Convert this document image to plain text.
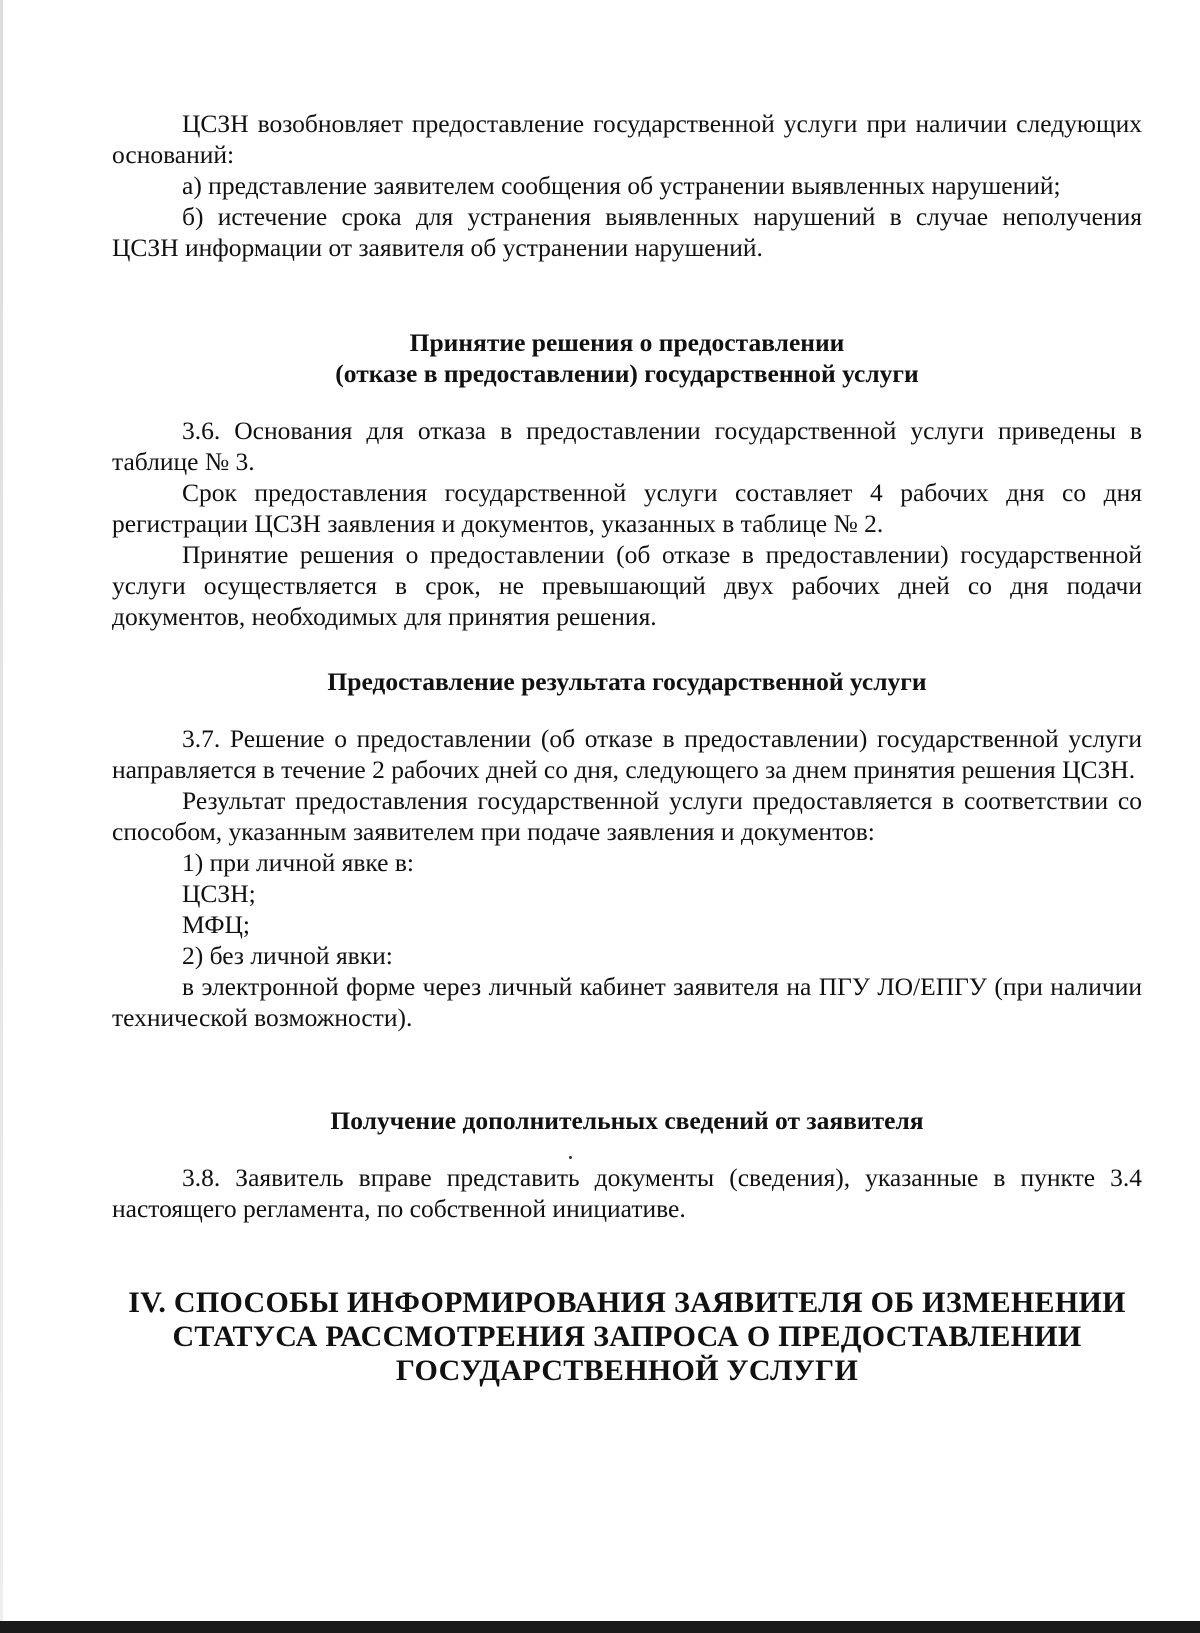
ЦСЗН возобновляет предоставление государственной услуги при наличии следующих оснований:

а) представление заявителем сообщения об устранении выявленных нарушений;

б) истечение срока для устранения выявленных нарушений в случае неполучения ЦСЗН информации от заявителя об устранении нарушений.

Принятие решения о предоставлении

(отказе в предоставлении) государственной услуги

3.6. Основания для отказа в предоставлении государственной услуги приведены в таблице № 3.

Срок предоставления государственной услуги составляет 4 рабочих дня со дня регистрации ЦСЗН заявления и документов, указанных в таблице № 2.

Принятие решения о предоставлении (об отказе в предоставлении) государственной услуги осуществляется в срок, не превышающий двух рабочих дней со дня подачи документов, необходимых для принятия решения.

Предоставление результата государственной услуги

3.7. Решение о предоставлении (об отказе в предоставлении) государственной услуги направляется в течение 2 рабочих дней со дня, следующего за днем принятия решения ЦСЗН.

Результат предоставления государственной услуги предоставляется в соответствии со способом, указанным заявителем при подаче заявления и документов:

1) при личной явке в:

ЦСЗН;

МФЦ;

2) без личной явки:

в электронной форме через личный кабинет заявителя на ПГУ ЛО/ЕПГУ (при наличии технической возможности).

Получение дополнительных сведений от заявителя

3.8. Заявитель вправе представить документы (сведения), указанные в пункте 3.4 настоящего регламента, по собственной инициативе.

IV. СПОСОБЫ ИНФОРМИРОВАНИЯ ЗАЯВИТЕЛЯ ОБ ИЗМЕНЕНИИ

СТАТУСА РАССМОТРЕНИЯ ЗАПРОСА О ПРЕДОСТАВЛЕНИИ

ГОСУДАРСТВЕННОЙ УСЛУГИ
